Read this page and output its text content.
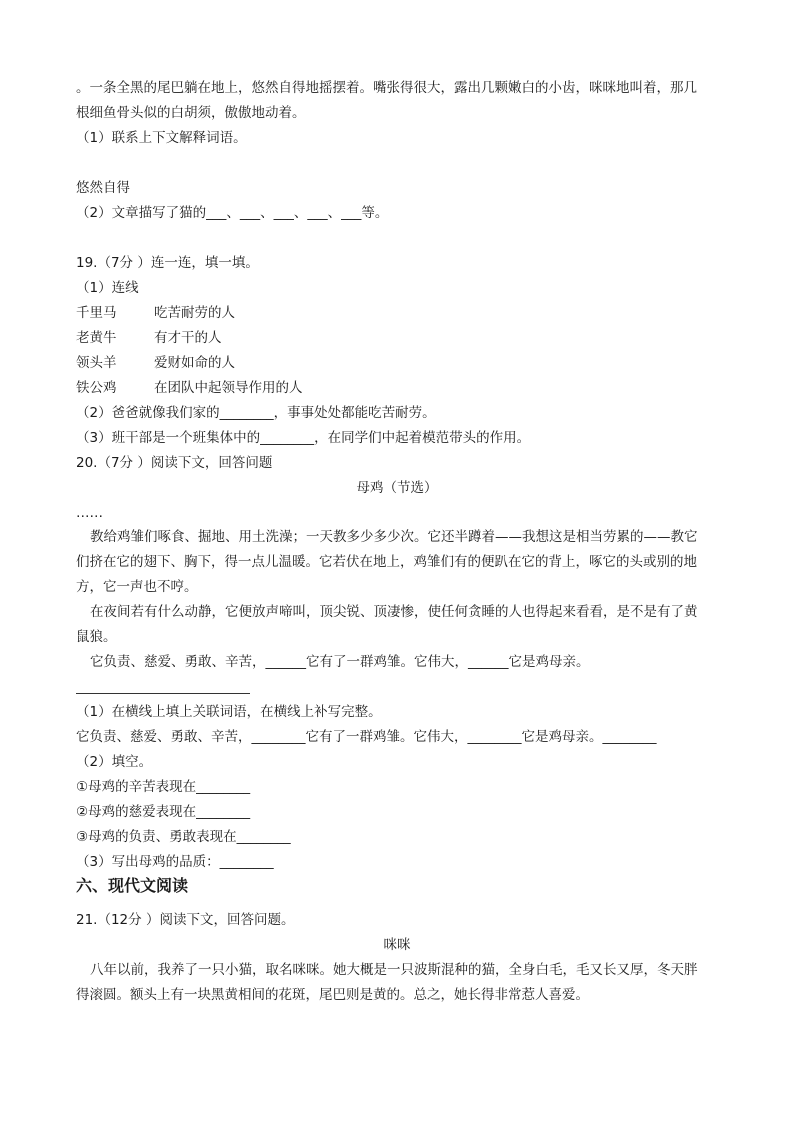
。一条全黑的尾巴躺在地上，悠然自得地摇摆着。嘴张得很大，露出几颗嫩白的小齿，咪咪地叫着，那几
根细鱼骨头似的白胡须，傲傲地动着。
（1）联系上下文解释词语。
悠然自得
（2）文章描写了猫的___、___、___、___、___等。
19.（7分 ）连一连，填一填。
（1）连线
千里马	吃苦耐劳的人
老黄牛	有才干的人
领头羊	爱财如命的人
铁公鸡	在团队中起领导作用的人
（2）爸爸就像我们家的________，事事处处都能吃苦耐劳。
（3）班干部是一个班集体中的________，在同学们中起着模范带头的作用。
20.（7分 ）阅读下文，回答问题
母鸡（节选）
……
教给鸡雏们啄食、掘地、用土洗澡；一天教多少多少次。它还半蹲着——我想这是相当劳累的——教它
们挤在它的翅下、胸下，得一点儿温暖。它若伏在地上，鸡雏们有的便趴在它的背上，啄它的头或别的地
方，它一声也不哼。
在夜间若有什么动静，它便放声啼叫，顶尖锐、顶凄惨，使任何贪睡的人也得起来看看，是不是有了黄
鼠狼。
它负责、慈爱、勇敢、辛苦，______它有了一群鸡雏。它伟大，______它是鸡母亲。
（1）在横线上填上关联词语，在横线上补写完整。
它负责、慈爱、勇敢、辛苦，________它有了一群鸡雏。它伟大，________它是鸡母亲。________
（2）填空。
①母鸡的辛苦表现在________
②母鸡的慈爱表现在________
③母鸡的负责、勇敢表现在________
（3）写出母鸡的品质：________
六、现代文阅读
21.（12分 ）阅读下文，回答问题。
咪咪
八年以前，我养了一只小猫，取名咪咪。她大概是一只波斯混种的猫，全身白毛，毛又长又厚，冬天胖
得滚圆。额头上有一块黑黄相间的花斑，尾巴则是黄的。总之，她长得非常惹人喜爱。
